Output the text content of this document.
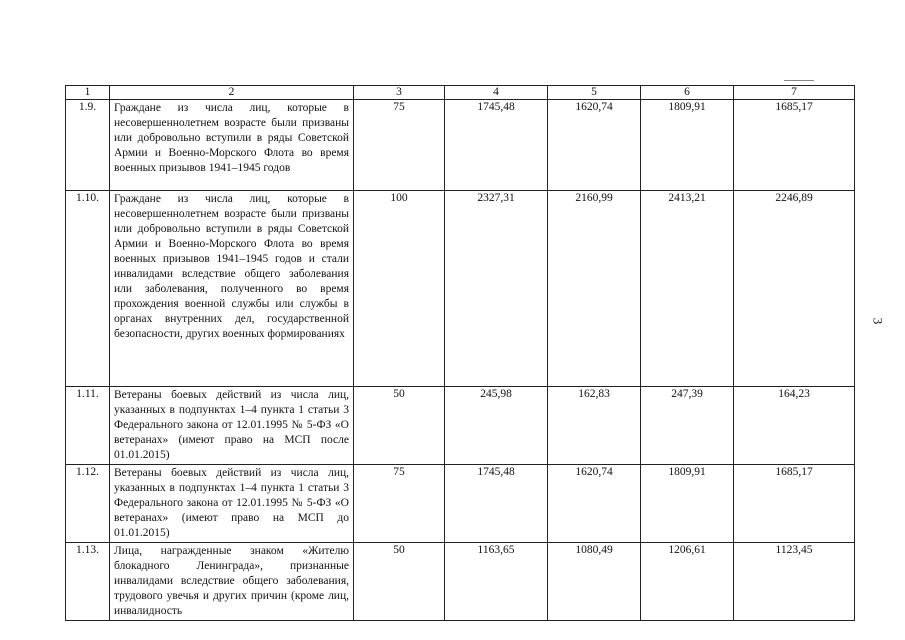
3
1	2	3	4	5	6	7
1.9.	Граждане из числа лиц, которые в несовершеннолетнем возрасте были призваны или добровольно вступили в ряды Советской Армии и Военно-Морского Флота во время военных призывов 1941–1945 годов	75	1745,48	1620,74	1809,91	1685,17
1.10.	Граждане из числа лиц, которые в несовершеннолетнем возрасте были призваны или добровольно вступили в ряды Советской Армии и Военно-Морского Флота во время военных призывов 1941–1945 годов и стали инвалидами вследствие общего заболевания или заболевания, полученного во время прохождения военной службы или службы в органах внутренних дел, государственной безопасности, других военных формированиях	100	2327,31	2160,99	2413,21	2246,89
1.11.	Ветераны боевых действий из числа лиц, указанных в подпунктах 1–4 пункта 1 статьи 3 Федерального закона от 12.01.1995 № 5-ФЗ «О ветеранах» (имеют право на МСП после 01.01.2015)	50	245,98	162,83	247,39	164,23
1.12.	Ветераны боевых действий из числа лиц, указанных в подпунктах 1–4 пункта 1 статьи 3 Федерального закона от 12.01.1995 № 5-ФЗ «О ветеранах» (имеют право на МСП до 01.01.2015)	75	1745,48	1620,74	1809,91	1685,17
1.13.	Лица, награжденные знаком «Жителю блокадного Ленинграда», признанные инвалидами вследствие общего заболевания, трудового увечья и других причин (кроме лиц, инвалидность	50	1163,65	1080,49	1206,61	1123,45
